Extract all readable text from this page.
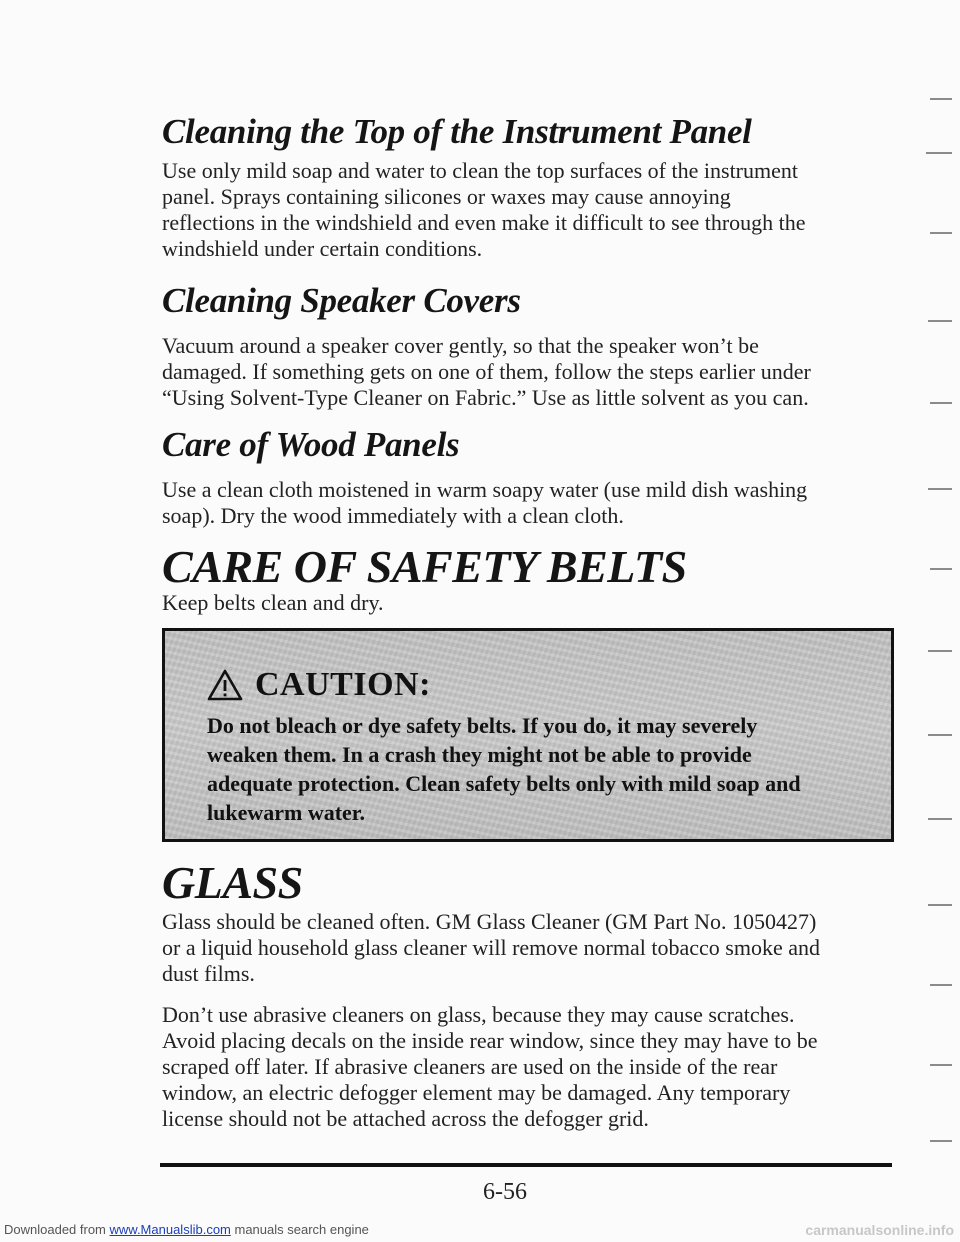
Cleaning the Top of the Instrument Panel

Use only mild soap and water to clean the top surfaces of the instrument
panel. Sprays containing silicones or waxes may cause annoying
reflections in the windshield and even make it difficult to see through the
windshield under certain conditions.

Cleaning Speaker Covers

Vacuum around a speaker cover gently, so that the speaker won’t be
damaged. If something gets on one of them, follow the steps earlier under
“Using Solvent-Type Cleaner on Fabric.” Use as little solvent as you can.

Care of Wood Panels

Use a clean cloth moistened in warm soapy water (use mild dish washing
soap). Dry the wood immediately with a clean cloth.

CARE OF SAFETY BELTS

Keep belts clean and dry.

CAUTION:

Do not bleach or dye safety belts. If you do, it may severely
weaken them. In a crash they might not be able to provide
adequate protection. Clean safety belts only with mild soap and
lukewarm water.

GLASS

Glass should be cleaned often. GM Glass Cleaner (GM Part No. 1050427)
or a liquid household glass cleaner will remove normal tobacco smoke and
dust films.

Don’t use abrasive cleaners on glass, because they may cause scratches.
Avoid placing decals on the inside rear window, since they may have to be
scraped off later. If abrasive cleaners are used on the inside of the rear
window, an electric defogger element may be damaged. Any temporary
license should not be attached across the defogger grid.

6-56
Downloaded from www.Manualslib.com manuals search engine	carmanualsonline.info
